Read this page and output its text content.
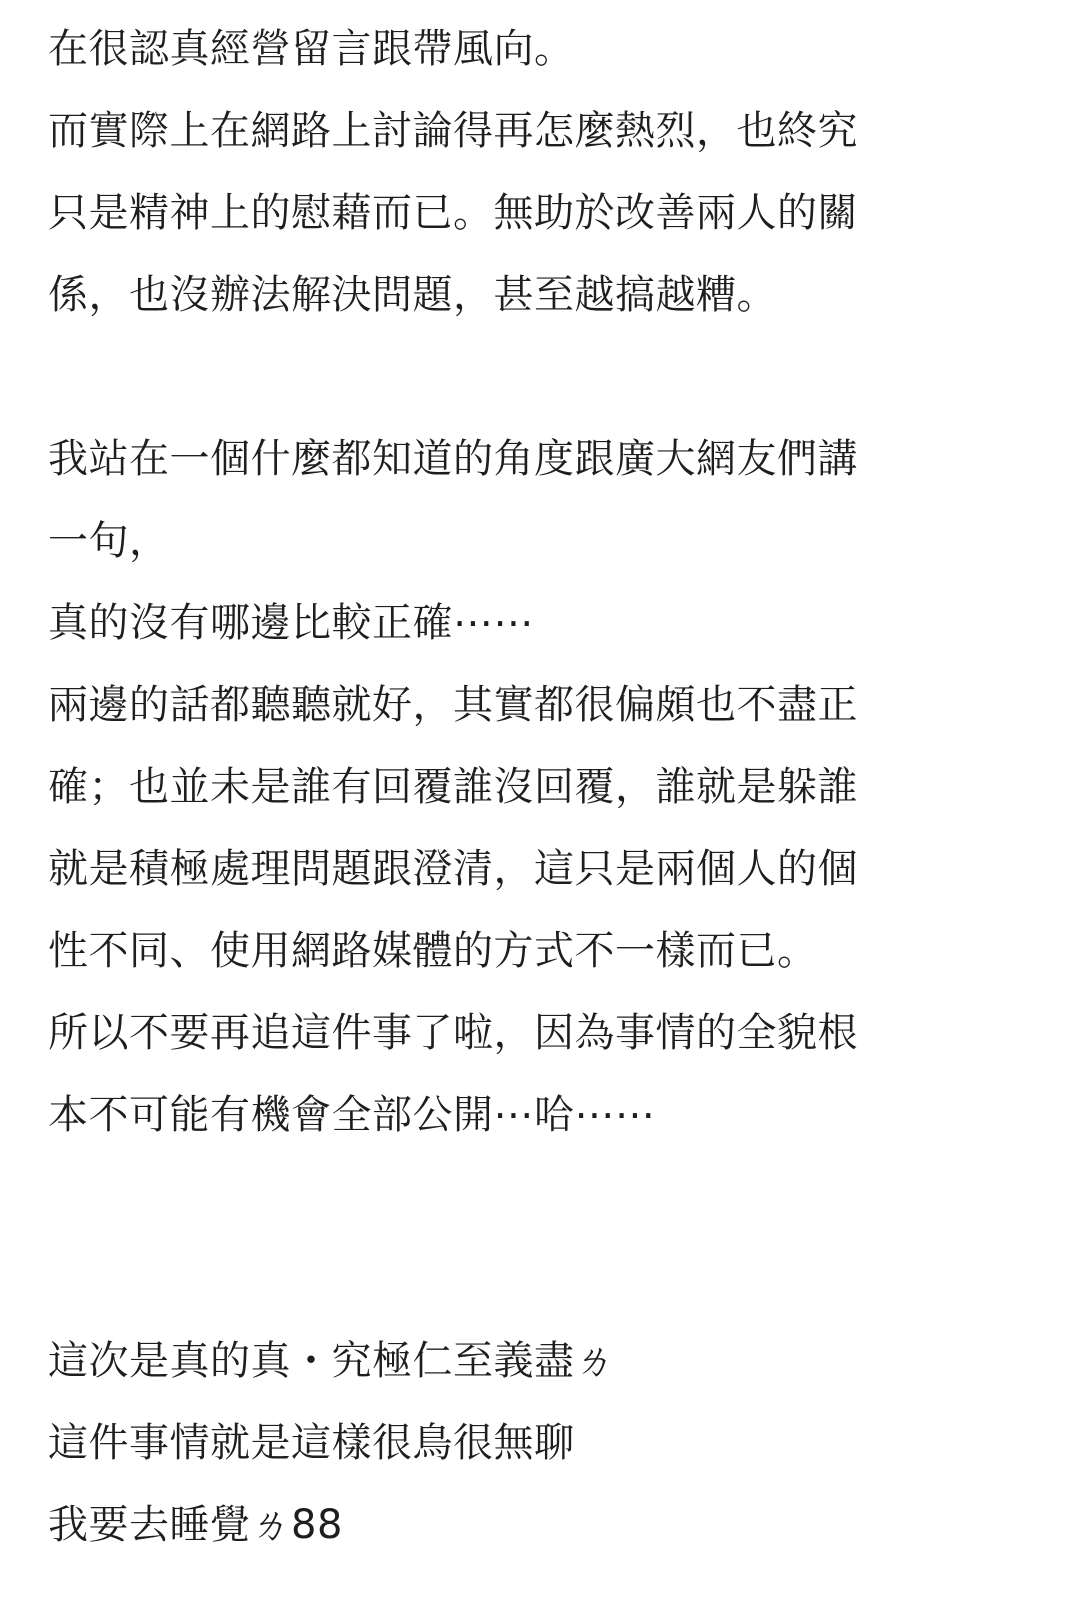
在很認真經營留言跟帶風向。
而實際上在網路上討論得再怎麼熱烈，也終究
只是精神上的慰藉而已。無助於改善兩人的關
係，也沒辦法解決問題，甚至越搞越糟。
我站在一個什麼都知道的角度跟廣大網友們講
一句，
真的沒有哪邊比較正確⋯⋯
兩邊的話都聽聽就好，其實都很偏頗也不盡正
確；也並未是誰有回覆誰沒回覆，誰就是躲誰
就是積極處理問題跟澄清，這只是兩個人的個
性不同、使用網路媒體的方式不一樣而已。
所以不要再追這件事了啦，因為事情的全貌根
本不可能有機會全部公開⋯哈⋯⋯
這次是真的真・究極仁至義盡ㄌ
這件事情就是這樣很鳥很無聊
我要去睡覺ㄌ88
